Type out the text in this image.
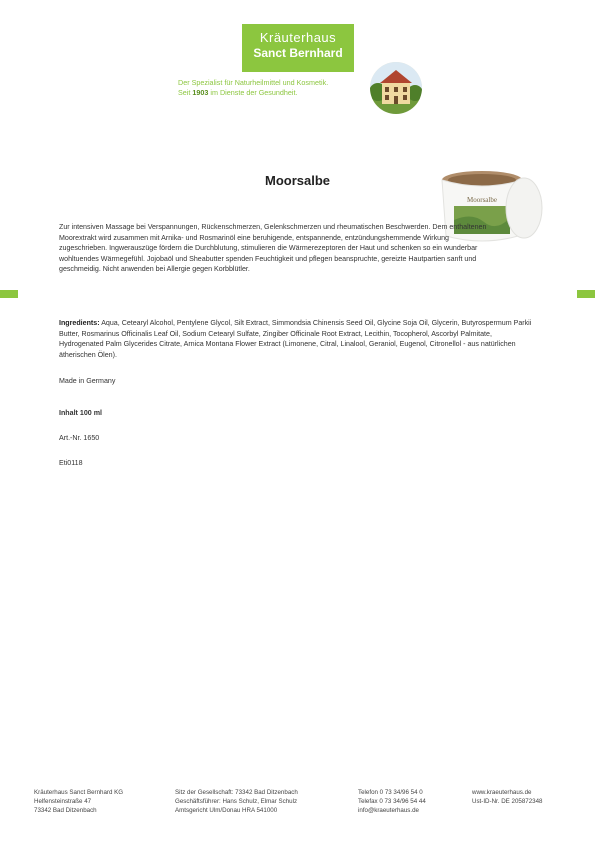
Kräuterhaus
Sanct Bernhard
Der Spezialist für Naturheilmittel und Kosmetik.
Seit 1903 im Dienste der Gesundheit.
Moorsalbe
Moorsalbe
Zur intensiven Massage bei Verspannungen, Rückenschmerzen, Gelenkschmerzen und rheumatischen Beschwerden. Dem enthaltenen Moorextrakt wird zusammen mit Arnika- und Rosmarinöl eine beruhigende, entspannende, entzündungshemmende Wirkung zugeschrieben. Ingwerauszüge fördern die Durchblutung, stimulieren die Wärmerezeptoren der Haut und schenken so ein wunderbar wohltuendes Wärmegefühl. Jojobaöl und Sheabutter spenden Feuchtigkeit und pflegen beanspruchte, gereizte Hautpartien sanft und geschmeidig. Nicht anwenden bei Allergie gegen Korbblütler.
Ingredients: Aqua, Cetearyl Alcohol, Pentylene Glycol, Silt Extract, Simmondsia Chinensis Seed Oil, Glycine Soja Oil, Glycerin, Butyrospermum Parkii Butter, Rosmarinus Officinalis Leaf Oil, Sodium Cetearyl Sulfate, Zingiber Officinale Root Extract, Lecithin, Tocopherol, Ascorbyl Palmitate, Hydrogenated Palm Glycerides Citrate, Arnica Montana Flower Extract (Limonene, Citral, Linalool, Geraniol, Eugenol, Citronellol - aus natürlichen ätherischen Ölen).
Made in Germany
Inhalt 100 ml
Art.-Nr. 1650
Eti0118
Kräuterhaus Sanct Bernhard KG
Helfensteinstraße 47
73342 Bad Ditzenbach
Sitz der Gesellschaft: 73342 Bad Ditzenbach
Geschäftsführer: Hans Schulz, Elmar Schulz
Amtsgericht Ulm/Donau HRA 541000
Telefon 0 73 34/96 54 0
Telefax 0 73 34/96 54 44
info@kraeuterhaus.de
www.kraeuterhaus.de
Ust-ID-Nr. DE 205872348
